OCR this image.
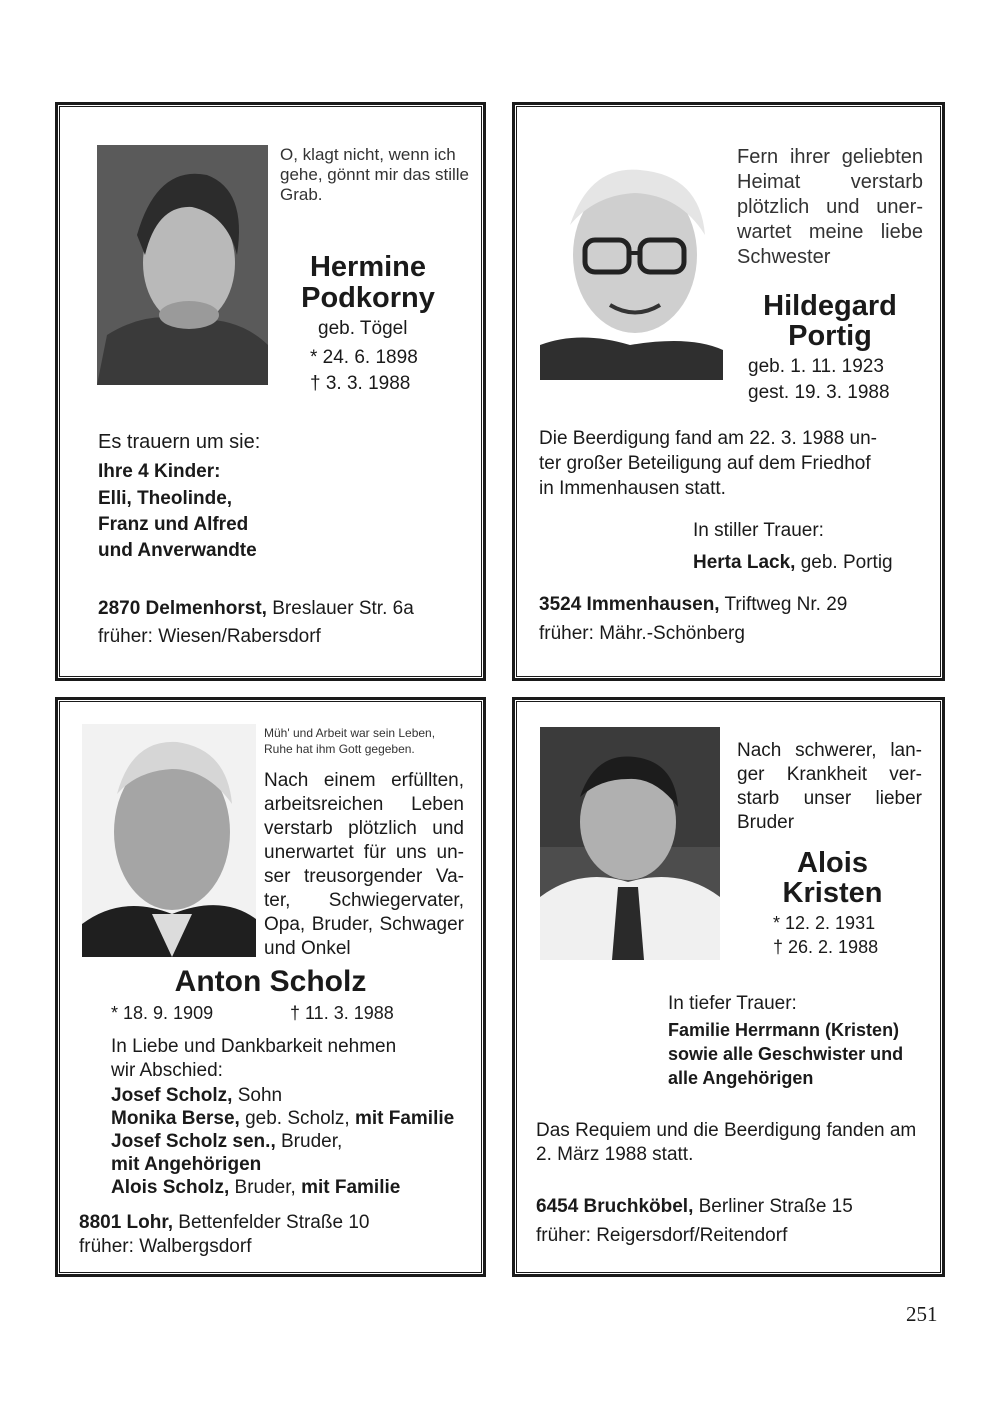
O, klagt nicht, wenn ich gehe, gönnt mir das stille Grab.
Hermine
Podkorny
geb. Tögel
* 24. 6. 1898
† 3. 3. 1988
Es trauern um sie:
Ihre 4 Kinder:
Elli, Theolinde,
Franz und Alfred
und Anverwandte
2870 Delmenhorst, Breslauer Str. 6a
früher: Wiesen/Rabersdorf
Fern ihrer geliebten
Heimat verstarb
plötzlich und uner-
wartet meine liebe
Schwester
Hildegard
Portig
geb. 1. 11. 1923
gest. 19. 3. 1988
Die Beerdigung fand am 22. 3. 1988 un-
ter großer Beteiligung auf dem Friedhof
in Immenhausen statt.
In stiller Trauer:
Herta Lack, geb. Portig
3524 Immenhausen, Triftweg Nr. 29
früher: Mähr.-Schönberg
Müh' und Arbeit war sein Leben,
Ruhe hat ihm Gott gegeben.
Nach einem erfüllten,
arbeitsreichen Leben
verstarb plötzlich und
unerwartet für uns un-
ser treusorgender Va-
ter, Schwiegervater,
Opa, Bruder, Schwager
und Onkel
Anton Scholz
* 18. 9. 1909	† 11. 3. 1988
In Liebe und Dankbarkeit nehmen
wir Abschied:
Josef Scholz, Sohn
Monika Berse, geb. Scholz, mit Familie
Josef Scholz sen., Bruder,
mit Angehörigen
Alois Scholz, Bruder, mit Familie
8801 Lohr, Bettenfelder Straße 10
früher: Walbergsdorf
Nach schwerer, lan-
ger Krankheit ver-
starb unser lieber
Bruder
Alois
Kristen
* 12. 2. 1931
† 26. 2. 1988
In tiefer Trauer:
Familie Herrmann (Kristen)
sowie alle Geschwister und
alle Angehörigen
Das Requiem und die Beerdigung fanden am
2. März 1988 statt.
6454 Bruchköbel, Berliner Straße 15
früher: Reigersdorf/Reitendorf
251
